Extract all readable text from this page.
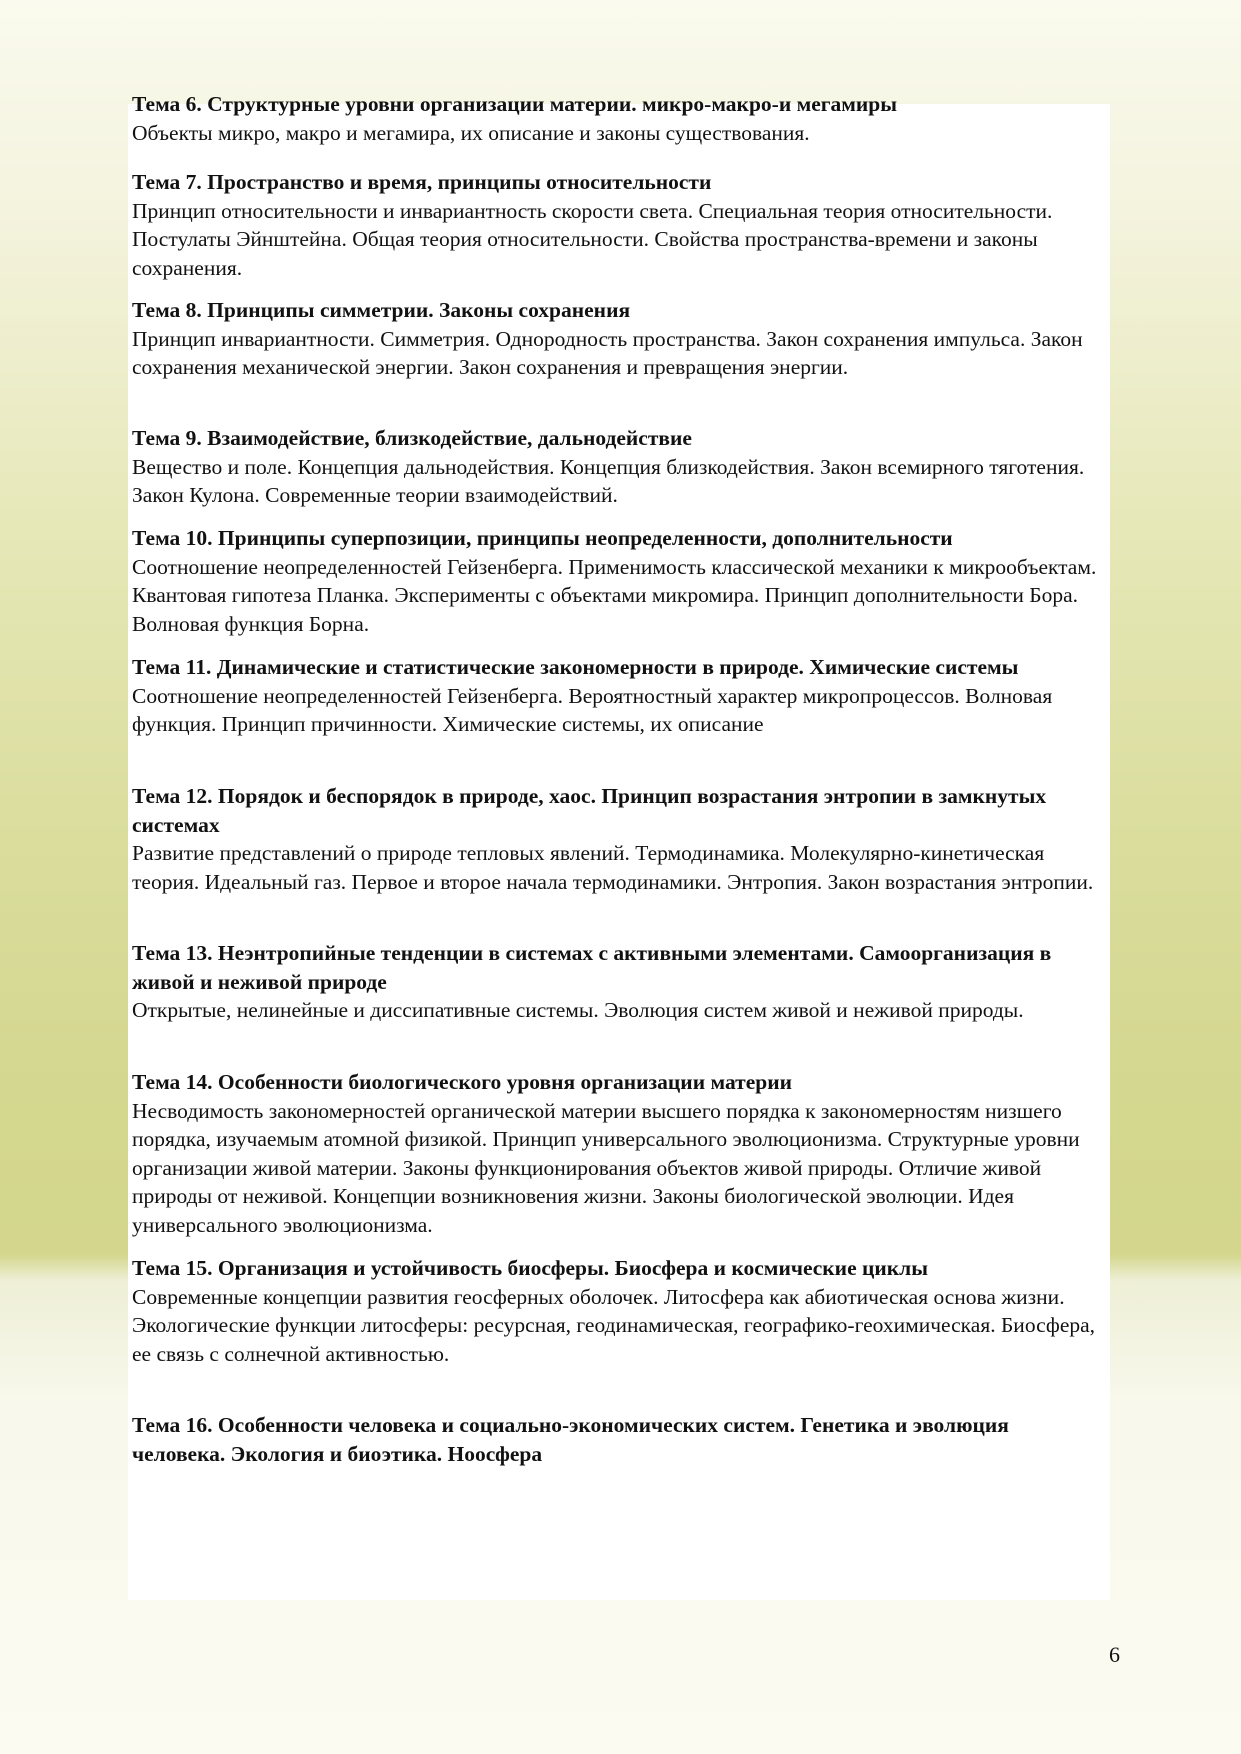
Тема 6. Структурные уровни организации материи. микро-макро-и мегамиры

Объекты микро, макро и мегамира, их описание и законы существования.

Тема 7. Пространство и время, принципы относительности

Принцип относительности и инвариантность скорости света. Специальная теория относительности. Постулаты Эйнштейна. Общая теория относительности. Свойства пространства-времени и законы сохранения.

Тема 8. Принципы симметрии. Законы сохранения

Принцип инвариантности. Симметрия. Однородность пространства. Закон сохранения импульса. Закон сохранения механической энергии. Закон сохранения и превращения энергии.

Тема 9. Взаимодействие, близкодействие, дальнодействие

Вещество и поле. Концепция дальнодействия. Концепция близкодействия. Закон всемирного тяготения. Закон Кулона. Современные теории взаимодействий.

Тема 10. Принципы суперпозиции, принципы неопределенности, дополнительности

Соотношение неопределенностей Гейзенберга. Применимость классической механики к микрообъектам. Квантовая гипотеза Планка. Эксперименты с объектами микромира. Принцип дополнительности Бора. Волновая функция Борна.

Тема 11. Динамические и статистические закономерности в природе. Химические системы

Соотношение неопределенностей Гейзенберга. Вероятностный характер микропроцессов. Волновая функция. Принцип причинности. Химические системы, их описание

Тема 12. Порядок и беспорядок в природе, хаос. Принцип возрастания энтропии в замкнутых системах

Развитие представлений о природе тепловых явлений. Термодинамика. Молекулярно-кинетическая теория. Идеальный газ. Первое и второе начала термодинамики. Энтропия. Закон возрастания энтропии.

Тема 13. Неэнтропийные тенденции в системах с активными элементами. Самоорганизация в живой и неживой природе

Открытые, нелинейные и диссипативные системы. Эволюция систем живой и неживой природы.

Тема 14. Особенности биологического уровня организации материи

Несводимость закономерностей органической материи высшего порядка к закономерностям низшего порядка, изучаемым атомной физикой. Принцип универсального эволюционизма. Структурные уровни организации живой материи. Законы функционирования объектов живой природы. Отличие живой природы от неживой. Концепции возникновения жизни. Законы биологической эволюции. Идея универсального эволюционизма.

Тема 15. Организация и устойчивость биосферы. Биосфера и космические циклы

Современные концепции развития геосферных оболочек. Литосфера как абиотическая основа жизни. Экологические функции литосферы: ресурсная, геодинамическая, географико-геохимическая. Биосфера, ее связь с солнечной активностью.

Тема 16. Особенности человека и социально-экономических систем. Генетика и эволюция человека. Экология и биоэтика. Ноосфера

6
